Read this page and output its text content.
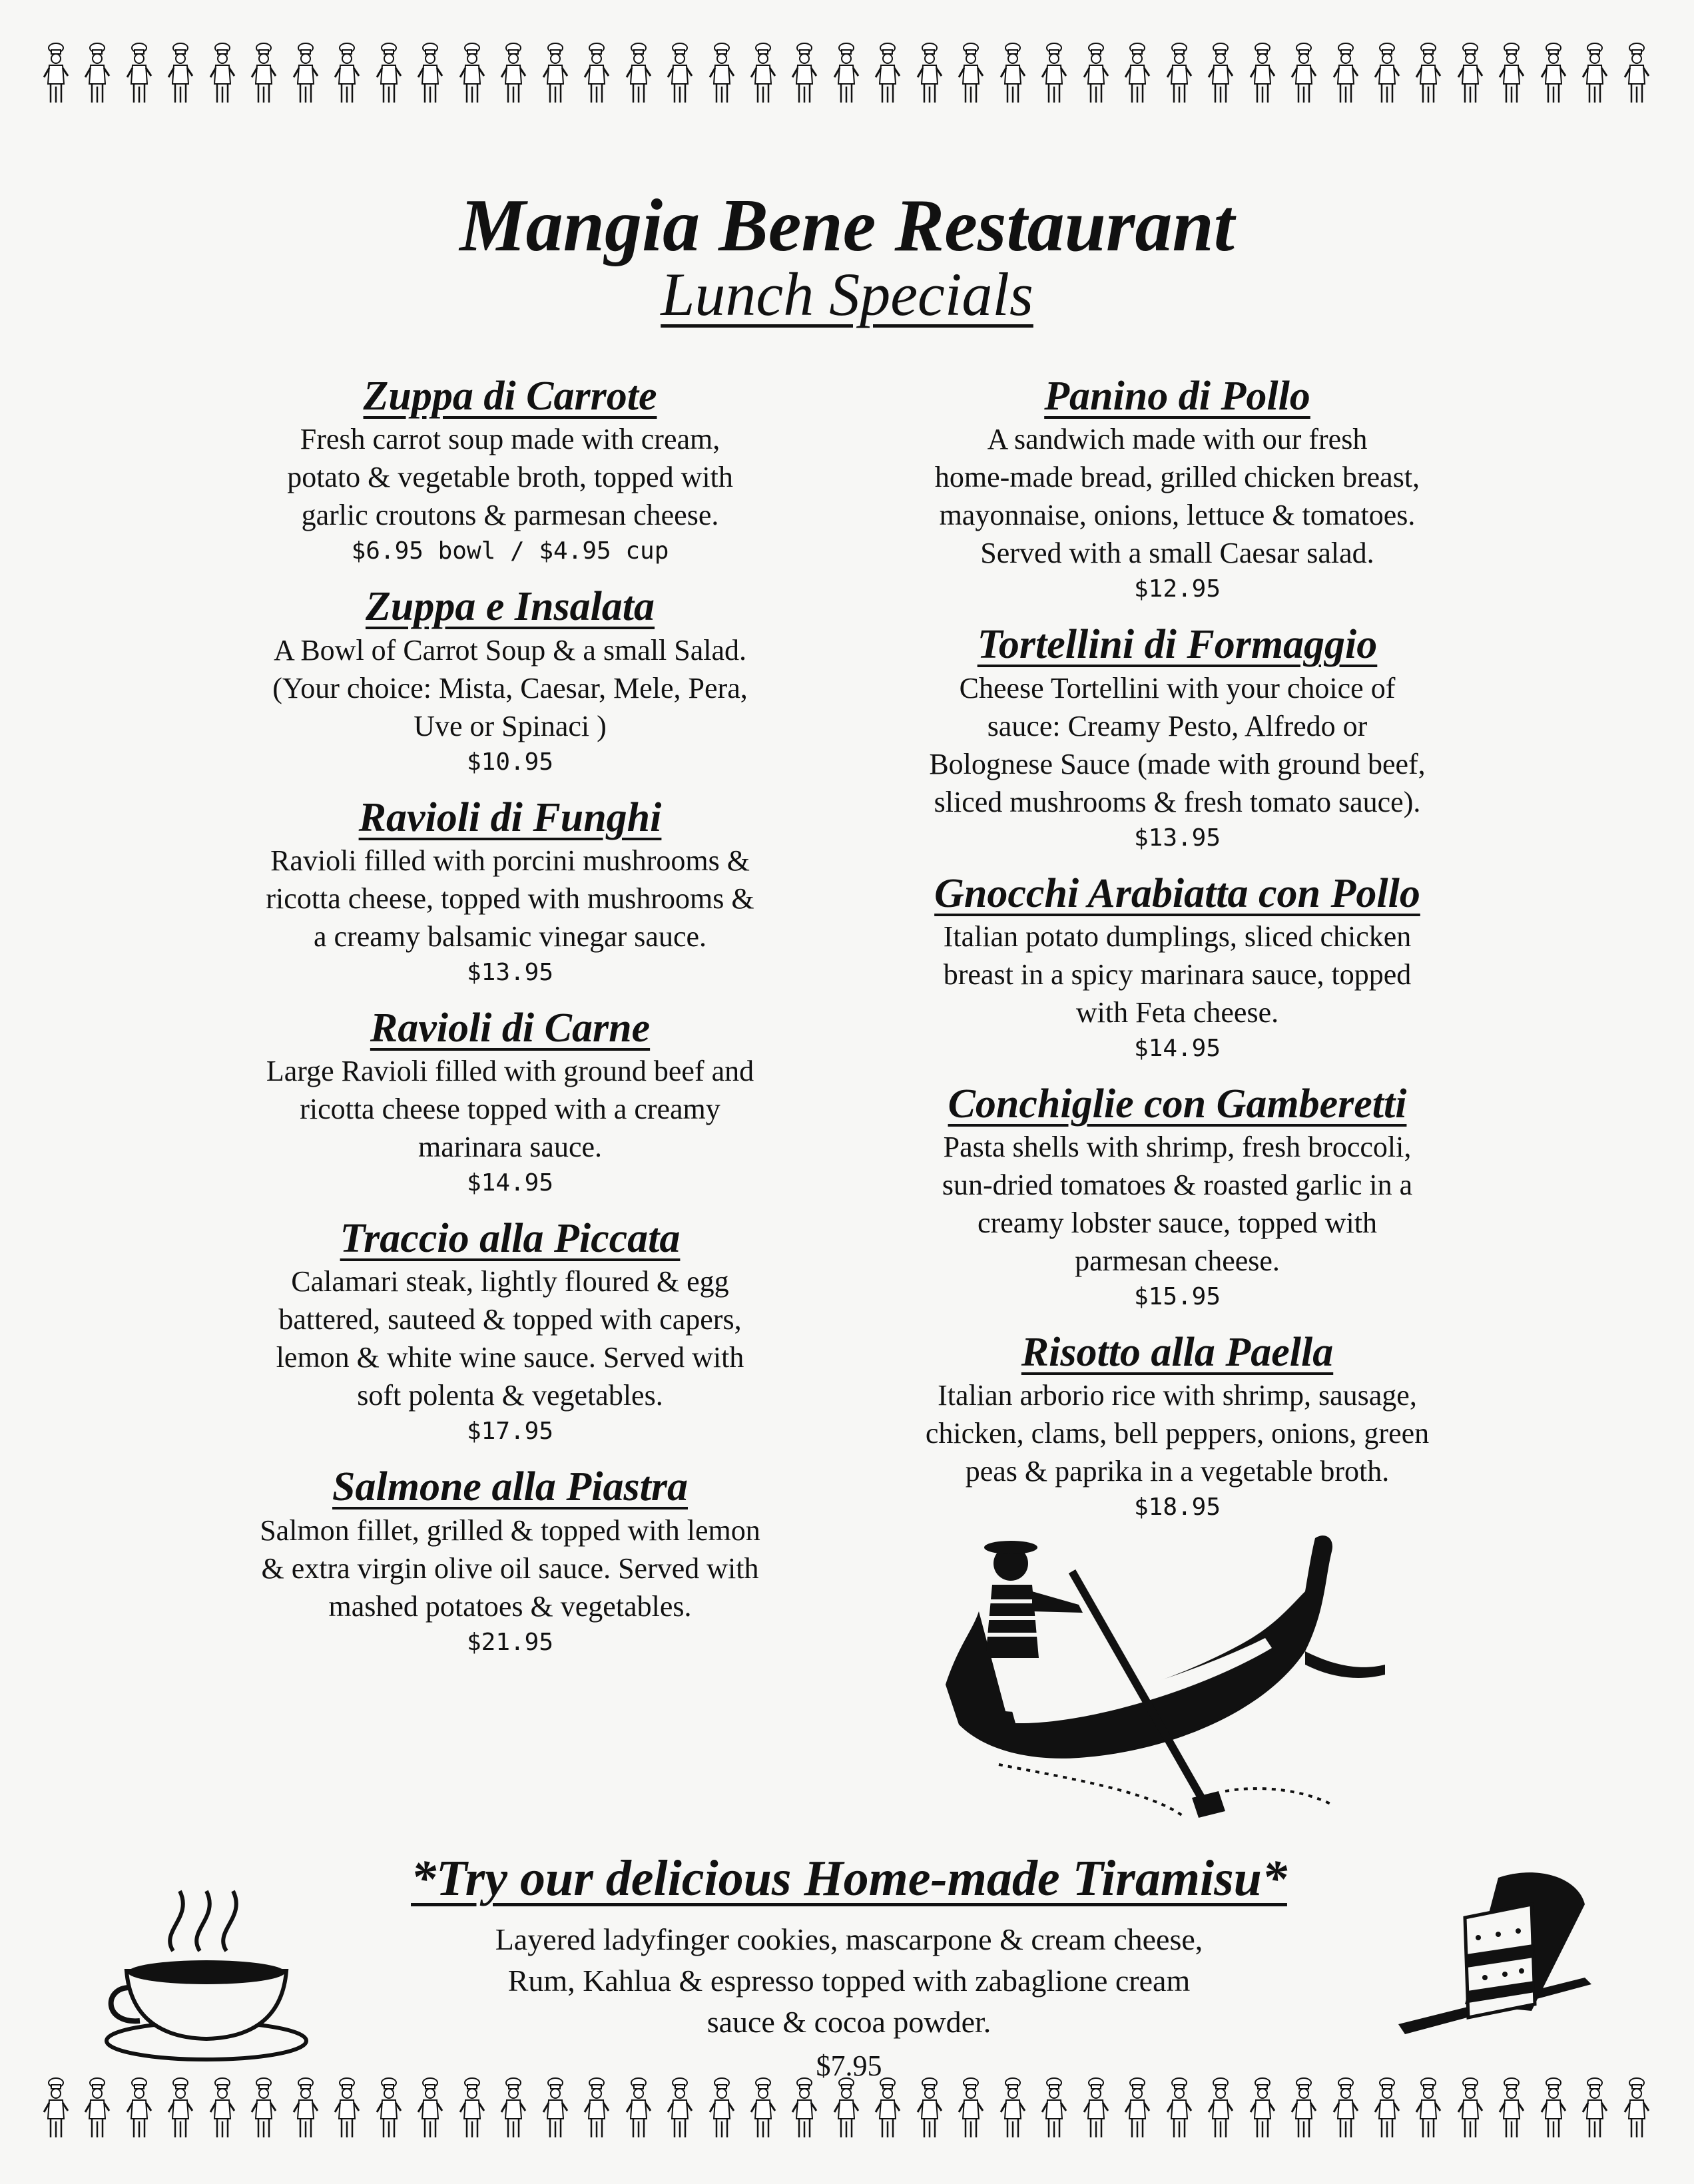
Mangia Bene Restaurant
Lunch Specials
Zuppa di Carrote
Fresh carrot soup made with cream,
potato & vegetable broth, topped with
garlic croutons & parmesan cheese.
$6.95 bowl / $4.95 cup
Zuppa e Insalata
A Bowl of Carrot Soup & a small Salad.
(Your choice: Mista, Caesar, Mele, Pera,
Uve or Spinaci )
$10.95
Ravioli di Funghi
Ravioli filled with porcini mushrooms &
ricotta cheese, topped with mushrooms &
a creamy balsamic vinegar sauce.
$13.95
Ravioli di Carne
Large Ravioli filled with ground beef and
ricotta cheese topped with a creamy
marinara sauce.
$14.95
Traccio alla Piccata
Calamari steak, lightly floured & egg
battered, sauteed & topped with capers,
lemon & white wine sauce. Served with
soft polenta & vegetables.
$17.95
Salmone alla Piastra
Salmon fillet, grilled & topped with lemon
& extra virgin olive oil sauce. Served with
mashed potatoes & vegetables.
$21.95
Panino di Pollo
A sandwich made with our fresh
home-made bread, grilled chicken breast,
mayonnaise, onions, lettuce & tomatoes.
Served with a small Caesar salad.
$12.95
Tortellini di Formaggio
Cheese Tortellini with your choice of
sauce: Creamy Pesto, Alfredo or
Bolognese Sauce (made with ground beef,
sliced mushrooms & fresh tomato sauce).
$13.95
Gnocchi Arabiatta con Pollo
Italian potato dumplings, sliced chicken
breast in a spicy marinara sauce, topped
with Feta cheese.
$14.95
Conchiglie con Gamberetti
Pasta shells with shrimp, fresh broccoli,
sun-dried tomatoes & roasted garlic in a
creamy lobster sauce, topped with
parmesan cheese.
$15.95
Risotto alla Paella
Italian arborio rice with shrimp, sausage,
chicken, clams, bell peppers, onions, green
peas & paprika in a vegetable broth.
$18.95
*Try our delicious Home-made Tiramisu*
Layered ladyfinger cookies, mascarpone & cream cheese,
Rum, Kahlua & espresso topped with zabaglione cream
sauce & cocoa powder.
$7.95
